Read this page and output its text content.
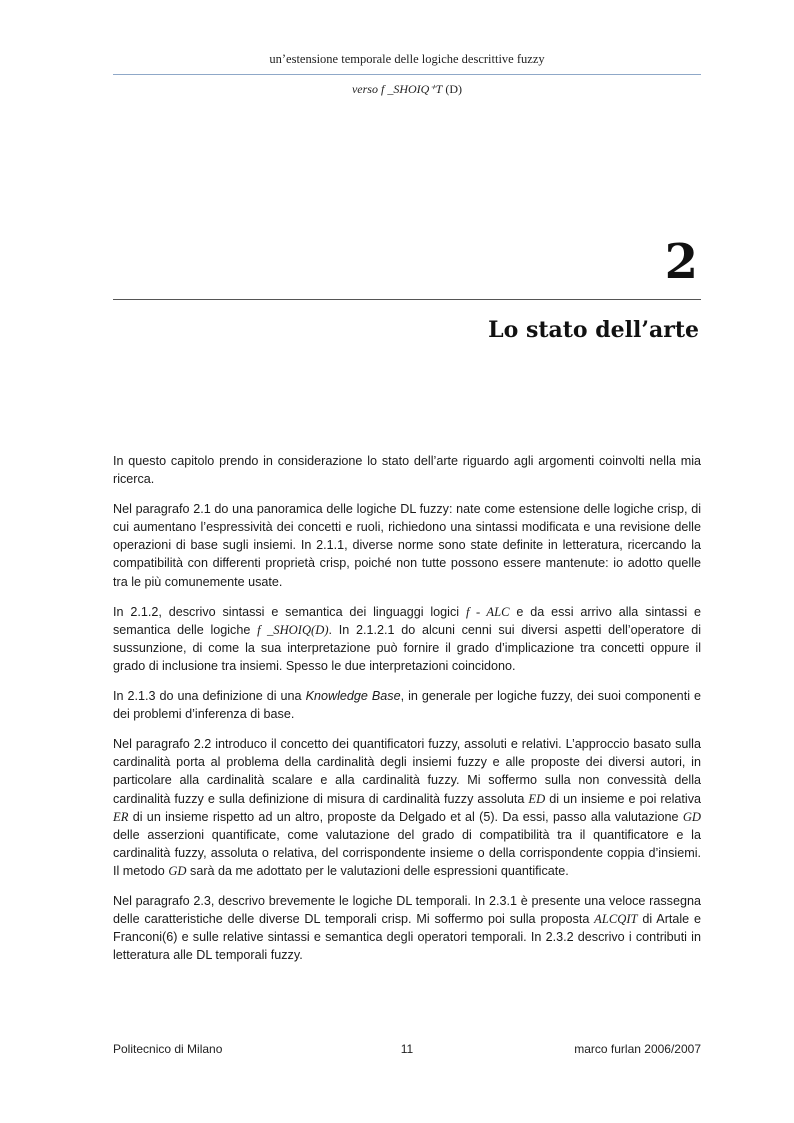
un’estensione temporale delle logiche descrittive fuzzy
verso f _SHOIQ⁺T (D)
2
Lo stato dell’arte

In questo capitolo prendo in considerazione lo stato dell’arte riguardo agli argomenti coinvolti nella mia ricerca.

Nel paragrafo 2.1 do una panoramica delle logiche DL fuzzy: nate come estensione delle logiche crisp, di cui aumentano l’espressività dei concetti e ruoli, richiedono una sintassi modificata e una revisione delle operazioni di base sugli insiemi. In 2.1.1, diverse norme sono state definite in letteratura, ricercando la compatibilità con differenti proprietà crisp, poiché non tutte possono essere mantenute: io adotto quelle tra le più comunemente usate.

In 2.1.2, descrivo sintassi e semantica dei linguaggi logici f - ALC e da essi arrivo alla sintassi e semantica delle logiche f _SHOIQ(D). In 2.1.2.1 do alcuni cenni sui diversi aspetti dell’operatore di sussunzione, di come la sua interpretazione può fornire il grado d’implicazione tra concetti oppure il grado di inclusione tra insiemi. Spesso le due interpretazioni coincidono.

In 2.1.3 do una definizione di una Knowledge Base, in generale per logiche fuzzy, dei suoi componenti e dei problemi d’inferenza di base.

Nel paragrafo 2.2 introduco il concetto dei quantificatori fuzzy, assoluti e relativi. L’approccio basato sulla cardinalità porta al problema della cardinalità degli insiemi fuzzy e alle proposte dei diversi autori, in particolare alla cardinalità scalare e alla cardinalità fuzzy. Mi soffermo sulla non convessità della cardinalità fuzzy e sulla definizione di misura di cardinalità fuzzy assoluta ED di un insieme e poi relativa ER di un insieme rispetto ad un altro, proposte da Delgado et al (5). Da essi, passo alla valutazione GD delle asserzioni quantificate, come valutazione del grado di compatibilità tra il quantificatore e la cardinalità fuzzy, assoluta o relativa, del corrispondente insieme o della corrispondente coppia d’insiemi. Il metodo GD sarà da me adottato per le valutazioni delle espressioni quantificate.

Nel paragrafo 2.3, descrivo brevemente le logiche DL temporali. In 2.3.1 è presente una veloce rassegna delle caratteristiche delle diverse DL temporali crisp. Mi soffermo poi sulla proposta ALCQIT di Artale e Franconi(6) e sulle relative sintassi e semantica degli operatori temporali. In 2.3.2 descrivo i contributi in letteratura alle DL temporali fuzzy.

Politecnico di Milano	11	marco furlan 2006/2007
